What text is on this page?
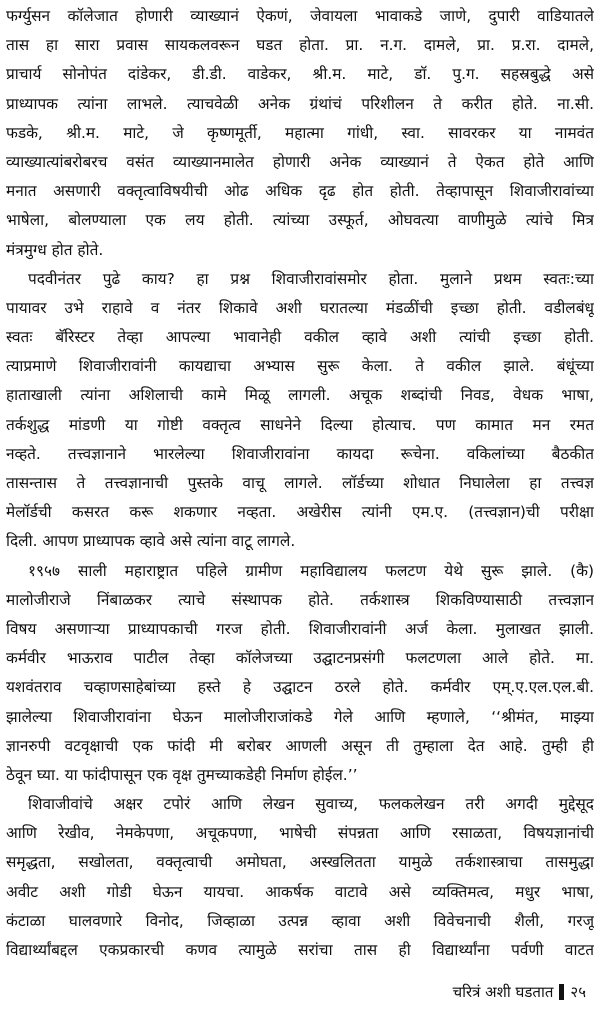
फर्ग्युसन कॉलेजात होणारी व्याख्यानं ऐकणं, जेवायला भावाकडे जाणे, दुपारी वाडियातले
तास हा सारा प्रवास सायकलवरून घडत होता. प्रा. न.ग. दामले, प्रा. प्र.रा. दामले,
प्राचार्य सोनोपंत दांडेकर, डी.डी. वाडेकर, श्री.म. माटे, डॉ. पु.ग. सहस्रबुद्धे असे
प्राध्यापक त्यांना लाभले. त्याचवेळी अनेक ग्रंथांचं परिशीलन ते करीत होते. ना.सी.
फडके, श्री.म. माटे, जे कृष्णमूर्ती, महात्मा गांधी, स्वा. सावरकर या नामवंत
व्याख्यात्यांबरोबरच वसंत व्याख्यानमालेत होणारी अनेक व्याख्यानं ते ऐकत होते आणि
मनात असणारी वक्तृत्वाविषयीची ओढ अधिक दृढ होत होती. तेव्हापासून शिवाजीरावांच्या
भाषेला, बोलण्याला एक लय होती. त्यांच्या उस्फूर्त, ओघवत्या वाणीमुळे त्यांचे मित्र
मंत्रमुग्ध होत होते.

पदवीनंतर पुढे काय? हा प्रश्न शिवाजीरावांसमोर होता. मुलाने प्रथम स्वतः:च्या
पायावर उभे राहावे व नंतर शिकावे अशी घरातल्या मंडळींची इच्छा होती. वडीलबंधू
स्वतः बॅरिस्टर तेव्हा आपल्या भावानेही वकील व्हावे अशी त्यांची इच्छा होती.
त्याप्रमाणे शिवाजीरावांनी कायद्याचा अभ्यास सुरू केला. ते वकील झाले. बंधूंच्या
हाताखाली त्यांना अशिलाची कामे मिळू लागली. अचूक शब्दांची निवड, वेधक भाषा,
तर्कशुद्ध मांडणी या गोष्टी वक्तृत्व साधनेने दिल्या होत्याच. पण कामात मन रमत
नव्हते. तत्त्वज्ञानाने भारलेल्या शिवाजीरावांना कायदा रूचेना. वकिलांच्या बैठकीत
तासन्तास ते तत्त्वज्ञानाची पुस्तके वाचू लागले. लॉर्डच्या शोधात निघालेला हा तत्त्वज्ञ
मेलॉर्डची कसरत करू शकणार नव्हता. अखेरीस त्यांनी एम.ए. (तत्त्वज्ञान)ची परीक्षा
दिली. आपण प्राध्यापक व्हावे असे त्यांना वाटू लागले.

१९५७ साली महाराष्ट्रात पहिले ग्रामीण महाविद्यालय फलटण येथे सुरू झाले. (कै)
मालोजीराजे निंबाळकर त्याचे संस्थापक होते. तर्कशास्त्र शिकविण्यासाठी तत्त्वज्ञान
विषय असणाऱ्या प्राध्यापकाची गरज होती. शिवाजीरावांनी अर्ज केला. मुलाखत झाली.
कर्मवीर भाऊराव पाटील तेव्हा कॉलेजच्या उद्घाटनप्रसंगी फलटणला आले होते. मा.
यशवंतराव चव्हाणसाहेबांच्या हस्ते हे उद्घाटन ठरले होते. कर्मवीर एम्.ए.एल.एल.बी.
झालेल्या शिवाजीरावांना घेऊन मालोजीराजांकडे गेले आणि म्हणाले, ‘‘श्रीमंत, माझ्या
ज्ञानरुपी वटवृक्षाची एक फांदी मी बरोबर आणली असून ती तुम्हाला देत आहे. तुम्ही ही
ठेवून घ्या. या फांदीपासून एक वृक्ष तुमच्याकडेही निर्माण होईल.’’

शिवाजीवांचे अक्षर टपोरं आणि लेखन सुवाच्य, फलकलेखन तरी अगदी मुद्देसूद
आणि रेखीव, नेमकेपणा, अचूकपणा, भाषेची संपन्नता आणि रसाळता, विषयज्ञानांची
समृद्धता, सखोलता, वक्तृत्वाची अमोघता, अस्खलितता यामुळे तर्कशास्त्राचा तासमुद्धा
अवीट अशी गोडी घेऊन यायचा. आकर्षक वाटावे असे व्यक्तिमत्व, मधुर भाषा,
कंटाळा घालवणारे विनोद, जिव्हाळा उत्पन्न व्हावा अशी विवेचनाची शैली, गरजू
विद्यार्थ्यांबद्दल एकप्रकारची कणव त्यामुळे सरांचा तास ही विद्यार्थ्यांना पर्वणी वाटत

चरित्रं अशी घडतात २५
